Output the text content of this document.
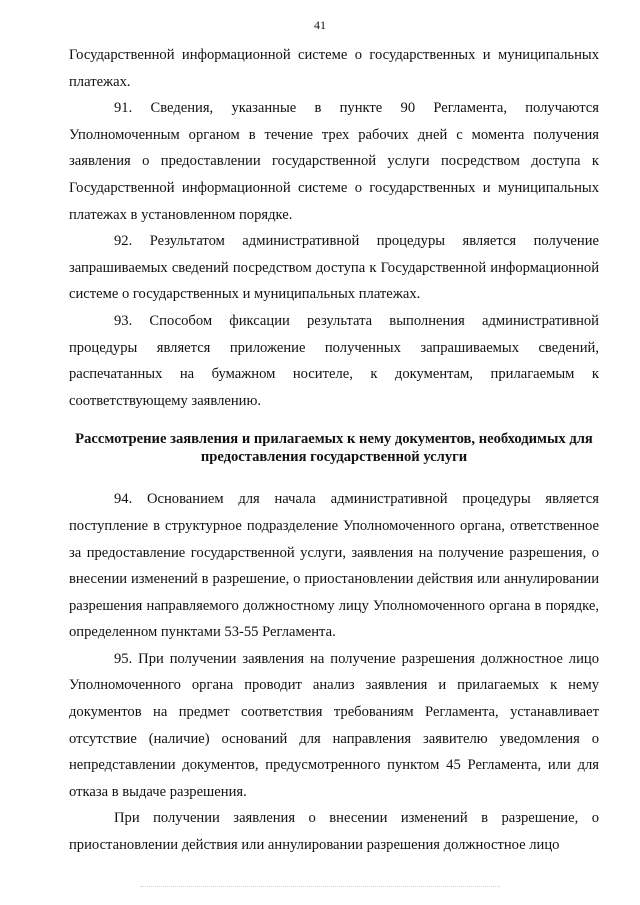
41

Государственной информационной системе о государственных и муниципальных платежах.

91. Сведения, указанные в пункте 90 Регламента, получаются Уполномоченным органом в течение трех рабочих дней с момента получения заявления о предоставлении государственной услуги посредством доступа к Государственной информационной системе о государственных и муниципальных платежах в установленном порядке.

92. Результатом административной процедуры является получение запрашиваемых сведений посредством доступа к Государственной информационной системе о государственных и муниципальных платежах.

93. Способом фиксации результата выполнения административной процедуры является приложение полученных запрашиваемых сведений, распечатанных на бумажном носителе, к документам, прилагаемым к соответствующему заявлению.

Рассмотрение заявления и прилагаемых к нему документов, необходимых для
предоставления государственной услуги

94. Основанием для начала административной процедуры является поступление в структурное подразделение Уполномоченного органа, ответственное за предоставление государственной услуги, заявления на получение разрешения, о внесении изменений в разрешение, о приостановлении действия или аннулировании разрешения направляемого должностному лицу Уполномоченного органа в порядке, определенном пунктами 53-55 Регламента.

95. При получении заявления на получение разрешения должностное лицо Уполномоченного органа проводит анализ заявления и прилагаемых к нему документов на предмет соответствия требованиям Регламента, устанавливает отсутствие (наличие) оснований для направления заявителю уведомления о непредставлении документов, предусмотренного пунктом 45 Регламента, или для отказа в выдаче разрешения.

При получении заявления о внесении изменений в разрешение, о приостановлении действия или аннулировании разрешения должностное лицо
